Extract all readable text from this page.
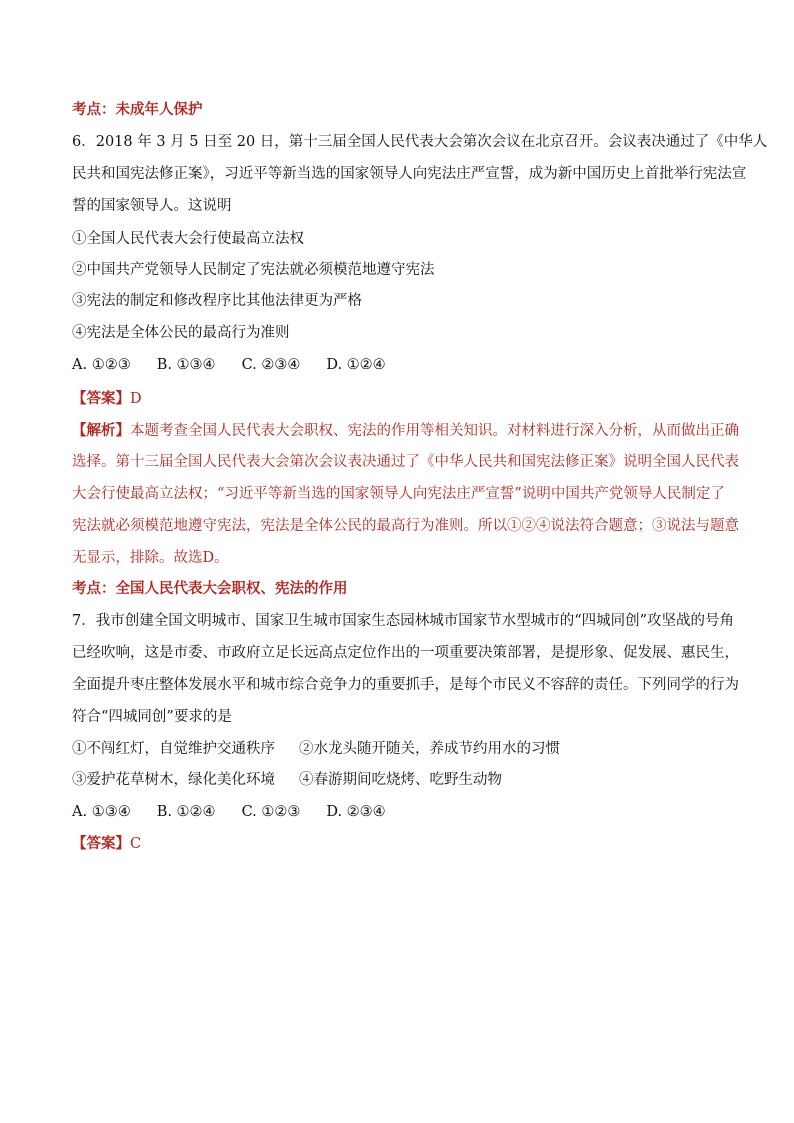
考点：未成年人保护
6．2018 年 3 月 5 日至 20 日，第十三届全国人民代表大会第次会议在北京召开。会议表决通过了《中华人
民共和国宪法修正案》，习近平等新当选的国家领导人向宪法庄严宣誓，成为新中国历史上首批举行宪法宣
誓的国家领导人。这说明
①全国人民代表大会行使最高立法权
②中国共产党领导人民制定了宪法就必须模范地遵守宪法
③宪法的制定和修改程序比其他法律更为严格
④宪法是全体公民的最高行为准则
A. ①②③ B. ①③④ C. ②③④ D. ①②④
【答案】D
【解析】本题考查全国人民代表大会职权、宪法的作用等相关知识。对材料进行深入分析，从而做出正确
选择。第十三届全国人民代表大会第次会议表决通过了《中华人民共和国宪法修正案》说明全国人民代表
大会行使最高立法权；“习近平等新当选的国家领导人向宪法庄严宣誓”说明中国共产党领导人民制定了
宪法就必须模范地遵守宪法，宪法是全体公民的最高行为准则。所以①②④说法符合题意；③说法与题意
无显示，排除。故选D。
考点：全国人民代表大会职权、宪法的作用
7．我市创建全国文明城市、国家卫生城市国家生态园林城市国家节水型城市的“四城同创”攻坚战的号角
已经吹响，这是市委、市政府立足长远高点定位作出的一项重要决策部署，是提形象、促发展、惠民生，
全面提升枣庄整体发展水平和城市综合竞争力的重要抓手，是每个市民义不容辞的责任。下列同学的行为
符合“四城同创”要求的是
①不闯红灯，自觉维护交通秩序 ②水龙头随开随关，养成节约用水的习惯
③爱护花草树木，绿化美化环境 ④春游期间吃烧烤、吃野生动物
A. ①③④ B. ①②④ C. ①②③ D. ②③④
【答案】C
